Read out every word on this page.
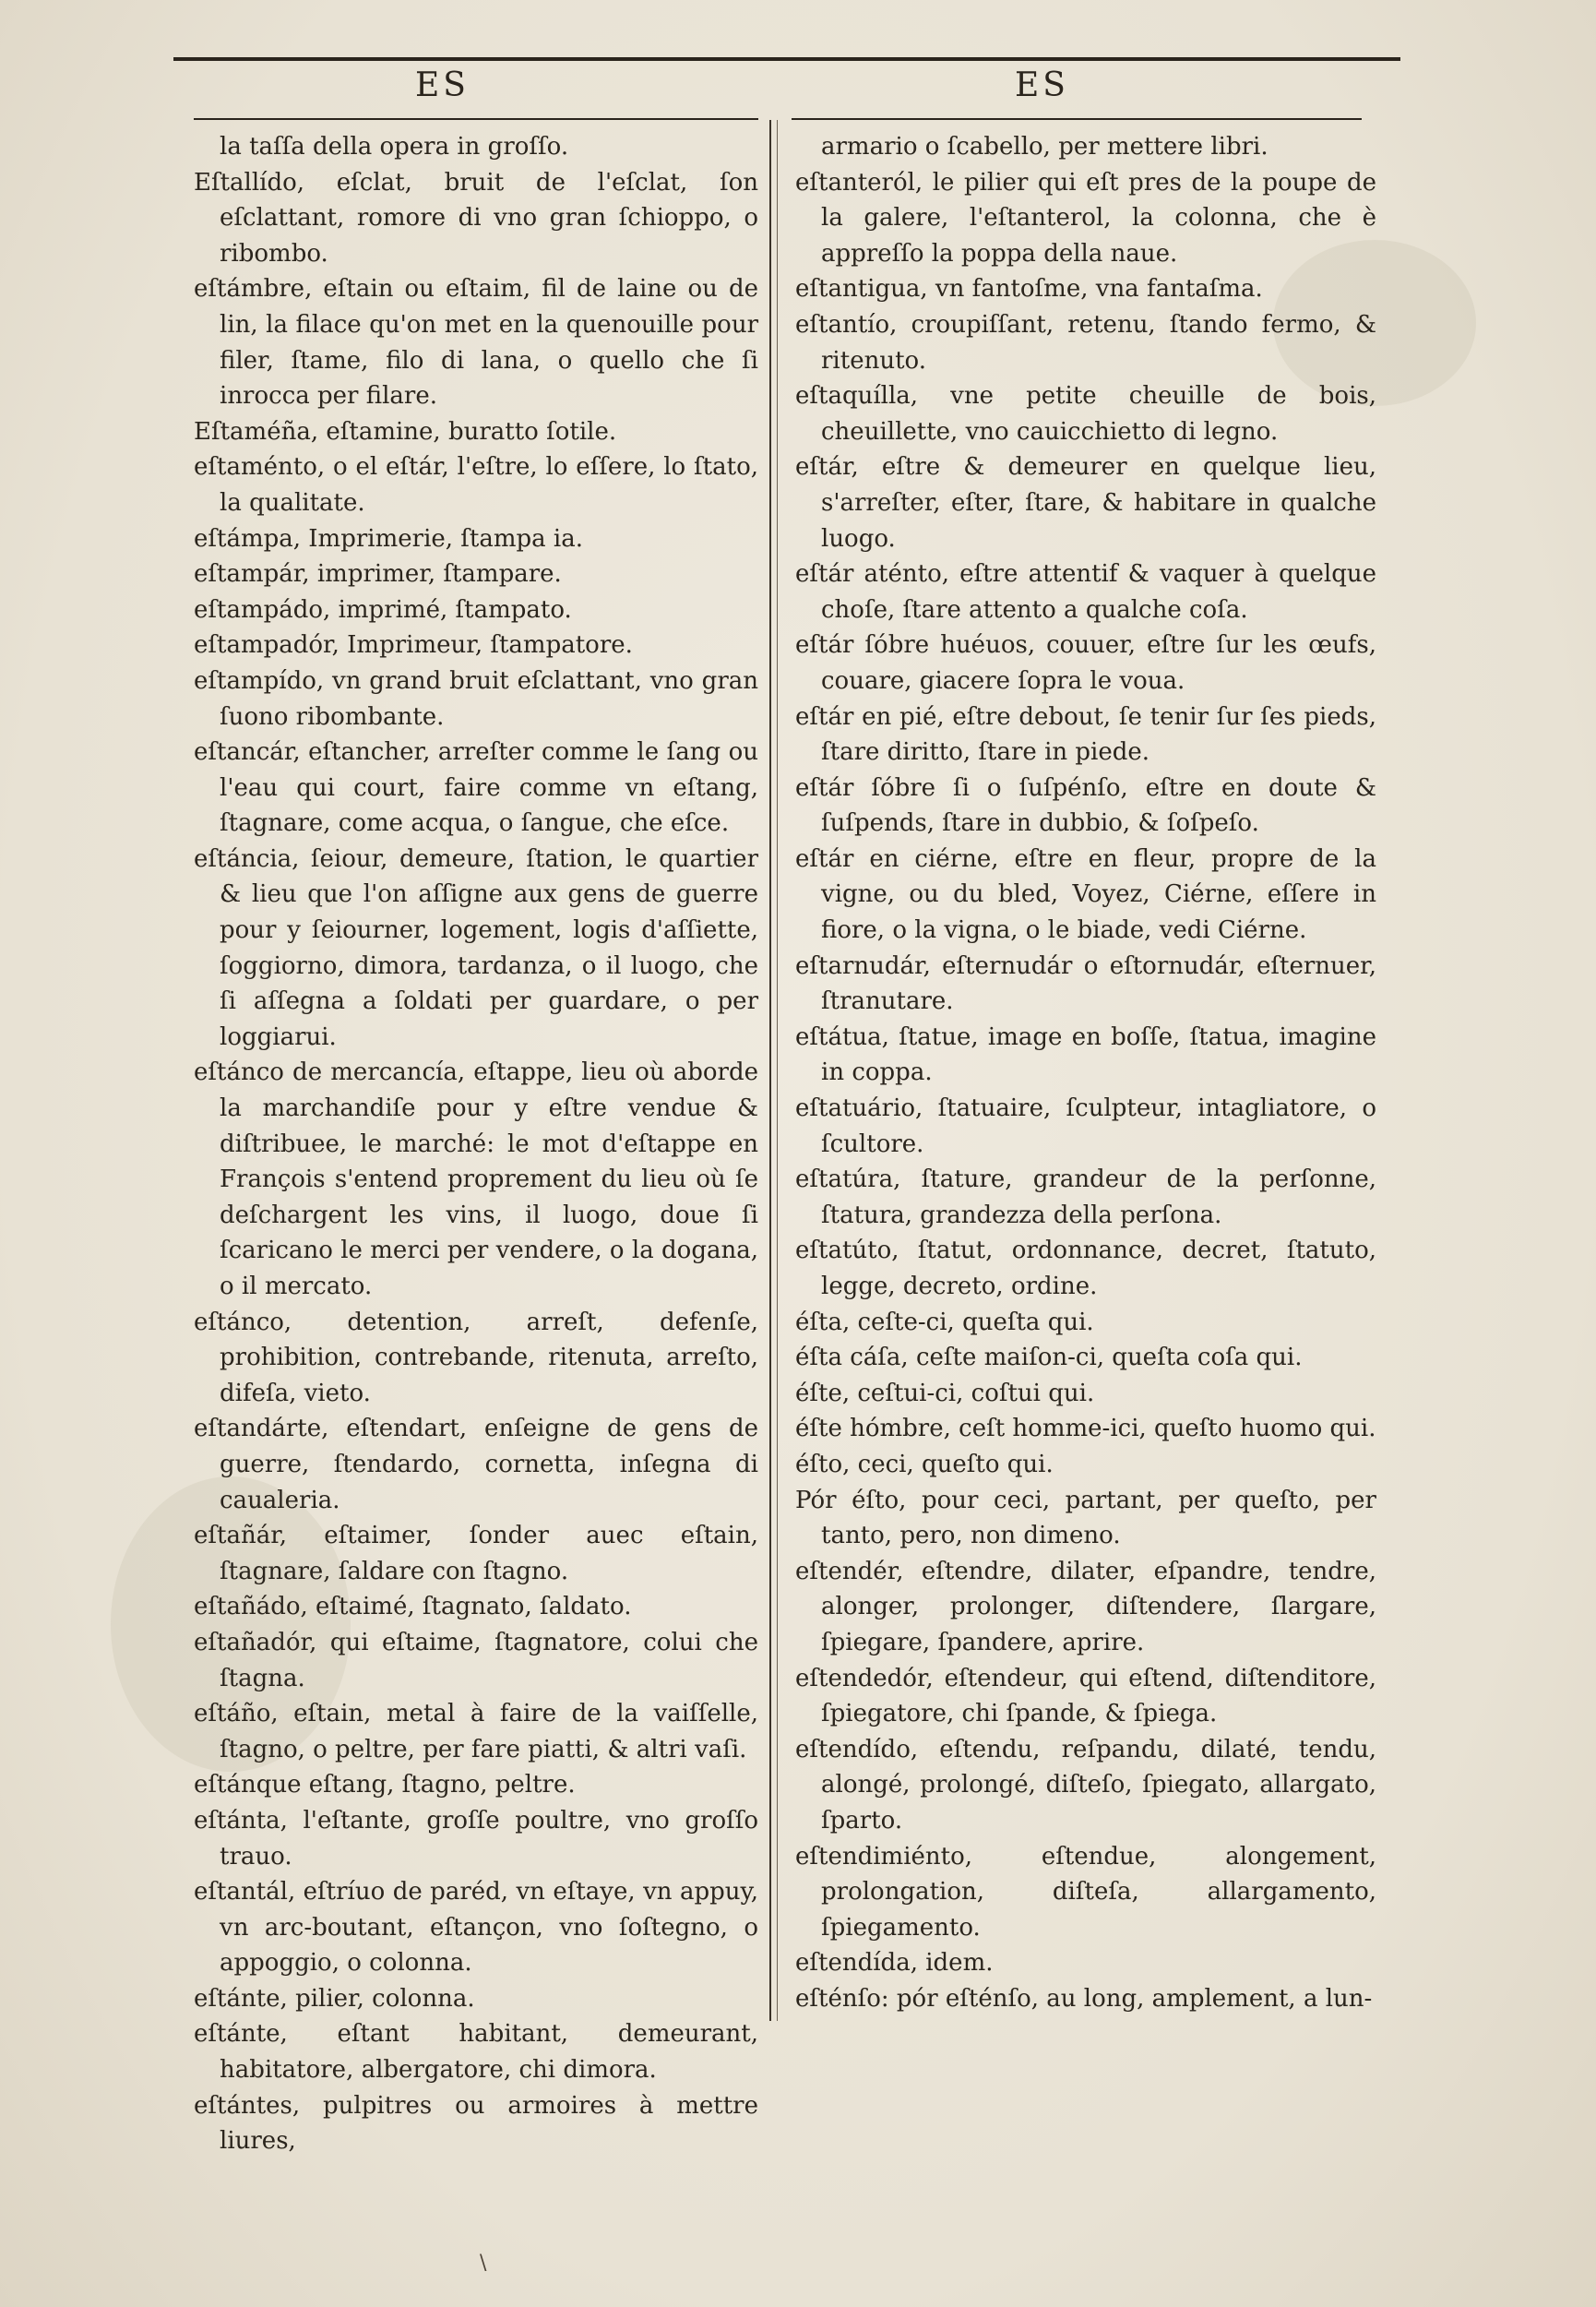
ES	ES

la taſſa della opera in groſſo.

Eſtallído, eſclat, bruit de l'eſclat, ſon eſclattant, romore di vno gran ſchioppo, o ribombo.

eſtámbre, eſtain ou eſtaim, fil de laine ou de lin, la filace qu'on met en la quenouille pour filer, ſtame, filo di lana, o quello che ſi inrocca per filare.

Eſtaméña, eſtamine, buratto ſotile.

eſtaménto, o el eſtár, l'eſtre, lo eſſere, lo ſtato, la qualitate.

eſtámpa, Imprimerie, ſtampa ia.

eſtampár, imprimer, ſtampare.

eſtampádo, imprimé, ſtampato.

eſtampadór, Imprimeur, ſtampatore.

eſtampído, vn grand bruit eſclattant, vno gran ſuono ribombante.

eſtancár, eſtancher, arreſter comme le ſang ou l'eau qui court, faire comme vn eſtang, ſtagnare, come acqua, o ſangue, che eſce.

eſtáncia, ſeiour, demeure, ſtation, le quartier & lieu que l'on aſſigne aux gens de guerre pour y ſeiourner, logement, logis d'aſſiette, ſoggiorno, dimora, tardanza, o il luogo, che ſi aſſegna a ſoldati per guardare, o per loggiarui.

eſtánco de mercancía, eſtappe, lieu où aborde la marchandiſe pour y eſtre vendue & diſtribuee, le marché: le mot d'eſtappe en François s'entend proprement du lieu où ſe deſchargent les vins, il luogo, doue ſi ſcaricano le merci per vendere, o la dogana, o il mercato.

eſtánco, detention, arreſt, defenſe, prohibition, contrebande, ritenuta, arreſto, difeſa, vieto.

eſtandárte, eſtendart, enſeigne de gens de guerre, ſtendardo, cornetta, inſegna di caualeria.

eſtañár, eſtaimer, ſonder auec eſtain, ſtagnare, ſaldare con ſtagno.

eſtañádo, eſtaimé, ſtagnato, ſaldato.

eſtañadór, qui eſtaime, ſtagnatore, colui che ſtagna.

eſtáño, eſtain, metal à faire de la vaiſſelle, ſtagno, o peltre, per fare piatti, & altri vaſi.

eſtánque eſtang, ſtagno, peltre.

eſtánta, l'eſtante, groſſe poultre, vno groſſo trauo.

eſtantál, eſtríuo de paréd, vn eſtaye, vn appuy, vn arc-boutant, eſtançon, vno ſoſtegno, o appoggio, o colonna.

eſtánte, pilier, colonna.

eſtánte, eſtant habitant, demeurant, habitatore, albergatore, chi dimora.

eſtántes, pulpitres ou armoires à mettre liures,

armario o ſcabello, per mettere libri.

eſtanteról, le pilier qui eſt pres de la poupe de la galere, l'eſtanterol, la colonna, che è appreſſo la poppa della naue.

eſtantigua, vn fantoſme, vna fantaſma.

eſtantío, croupiſſant, retenu, ſtando fermo, & ritenuto.

eſtaquílla, vne petite cheuille de bois, cheuillette, vno cauicchietto di legno.

eſtár, eſtre & demeurer en quelque lieu, s'arreſter, eſter, ſtare, & habitare in qualche luogo.

eſtár aténto, eſtre attentif & vaquer à quelque choſe, ſtare attento a qualche coſa.

eſtár ſóbre huéuos, couuer, eſtre ſur les œufs, couare, giacere ſopra le voua.

eſtár en pié, eſtre debout, ſe tenir ſur ſes pieds, ſtare diritto, ſtare in piede.

eſtár ſóbre ſi o ſuſpénſo, eſtre en doute & ſuſpends, ſtare in dubbio, & ſoſpeſo.

eſtár en ciérne, eſtre en fleur, propre de la vigne, ou du bled, Voyez, Ciérne, eſſere in fiore, o la vigna, o le biade, vedi Ciérne.

eſtarnudár, eſternudár o eſtornudár, eſternuer, ſtranutare.

eſtátua, ſtatue, image en boſſe, ſtatua, imagine in coppa.

eſtatuário, ſtatuaire, ſculpteur, intagliatore, o ſcultore.

eſtatúra, ſtature, grandeur de la perſonne, ſtatura, grandezza della perſona.

eſtatúto, ſtatut, ordonnance, decret, ſtatuto, legge, decreto, ordine.

éſta, ceſte-ci, queſta qui.

éſta cáſa, ceſte maiſon-ci, queſta coſa qui.

éſte, ceſtui-ci, coſtui qui.

éſte hómbre, ceſt homme-ici, queſto huomo qui.

éſto, ceci, queſto qui.

Pór éſto, pour ceci, partant, per queſto, per tanto, pero, non dimeno.

eſtendér, eſtendre, dilater, eſpandre, tendre, alonger, prolonger, diſtendere, ſlargare, ſpiegare, ſpandere, aprire.

eſtendedór, eſtendeur, qui eſtend, diſtenditore, ſpiegatore, chi ſpande, & ſpiega.

eſtendído, eſtendu, reſpandu, dilaté, tendu, alongé, prolongé, diſteſo, ſpiegato, allargato, ſparto.

eſtendimiénto, eſtendue, alongement, prolongation, diſteſa, allargamento, ſpiegamento.

eſtendída, idem.

eſténſo: pór eſténſo, au long, amplement, a lun-

\
